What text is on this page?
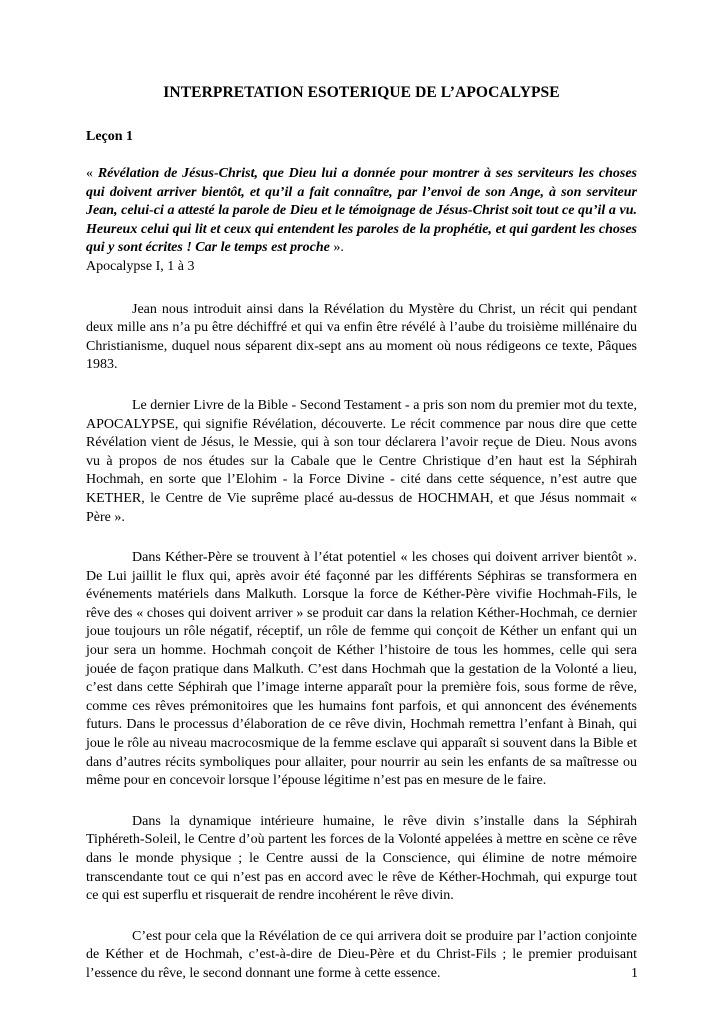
INTERPRETATION ESOTERIQUE DE L’APOCALYPSE
Leçon 1

« Révélation de Jésus-Christ, que Dieu lui a donnée pour montrer à ses serviteurs les choses qui doivent arriver bientôt, et qu’il a fait connaître, par l’envoi de son Ange, à son serviteur Jean, celui-ci a attesté la parole de Dieu et le témoignage de Jésus-Christ soit tout ce qu’il a vu. Heureux celui qui lit et ceux qui entendent les paroles de la prophétie, et qui gardent les choses qui y sont écrites ! Car le temps est proche ».

Apocalypse I, 1 à 3

Jean nous introduit ainsi dans la Révélation du Mystère du Christ, un récit qui pendant deux mille ans n’a pu être déchiffré et qui va enfin être révélé à l’aube du troisième millénaire du Christianisme, duquel nous séparent dix-sept ans au moment où nous rédigeons ce texte, Pâques 1983.

Le dernier Livre de la Bible - Second Testament - a pris son nom du premier mot du texte, APOCALYPSE, qui signifie Révélation, découverte. Le récit commence par nous dire que cette Révélation vient de Jésus, le Messie, qui à son tour déclarera l’avoir reçue de Dieu. Nous avons vu à propos de nos études sur la Cabale que le Centre Christique d’en haut est la Séphirah Hochmah, en sorte que l’Elohim - la Force Divine - cité dans cette séquence, n’est autre que KETHER, le Centre de Vie suprême placé au-dessus de HOCHMAH, et que Jésus nommait « Père ».

Dans Kéther-Père se trouvent à l’état potentiel « les choses qui doivent arriver bientôt ». De Lui jaillit le flux qui, après avoir été façonné par les différents Séphiras se transformera en événements matériels dans Malkuth. Lorsque la force de Kéther-Père vivifie Hochmah-Fils, le rêve des « choses qui doivent arriver » se produit car dans la relation Kéther-Hochmah, ce dernier joue toujours un rôle négatif, réceptif, un rôle de femme qui conçoit de Kéther un enfant qui un jour sera un homme. Hochmah conçoit de Kéther l’histoire de tous les hommes, celle qui sera jouée de façon pratique dans Malkuth. C’est dans Hochmah que la gestation de la Volonté a lieu, c’est dans cette Séphirah que l’image interne apparaît pour la première fois, sous forme de rêve, comme ces rêves prémonitoires que les humains font parfois, et qui annoncent des événements futurs. Dans le processus d’élaboration de ce rêve divin, Hochmah remettra l’enfant à Binah, qui joue le rôle au niveau macrocosmique de la femme esclave qui apparaît si souvent dans la Bible et dans d’autres récits symboliques pour allaiter, pour nourrir au sein les enfants de sa maîtresse ou même pour en concevoir lorsque l’épouse légitime n’est pas en mesure de le faire.

Dans la dynamique intérieure humaine, le rêve divin s’installe dans la Séphirah Tiphéreth-Soleil, le Centre d’où partent les forces de la Volonté appelées à mettre en scène ce rêve dans le monde physique ; le Centre aussi de la Conscience, qui élimine de notre mémoire transcendante tout ce qui n’est pas en accord avec le rêve de Kéther-Hochmah, qui expurge tout ce qui est superflu et risquerait de rendre incohérent le rêve divin.

C’est pour cela que la Révélation de ce qui arrivera doit se produire par l’action conjointe de Kéther et de Hochmah, c’est-à-dire de Dieu-Père et du Christ-Fils ; le premier produisant l’essence du rêve, le second donnant une forme à cette essence.	1
